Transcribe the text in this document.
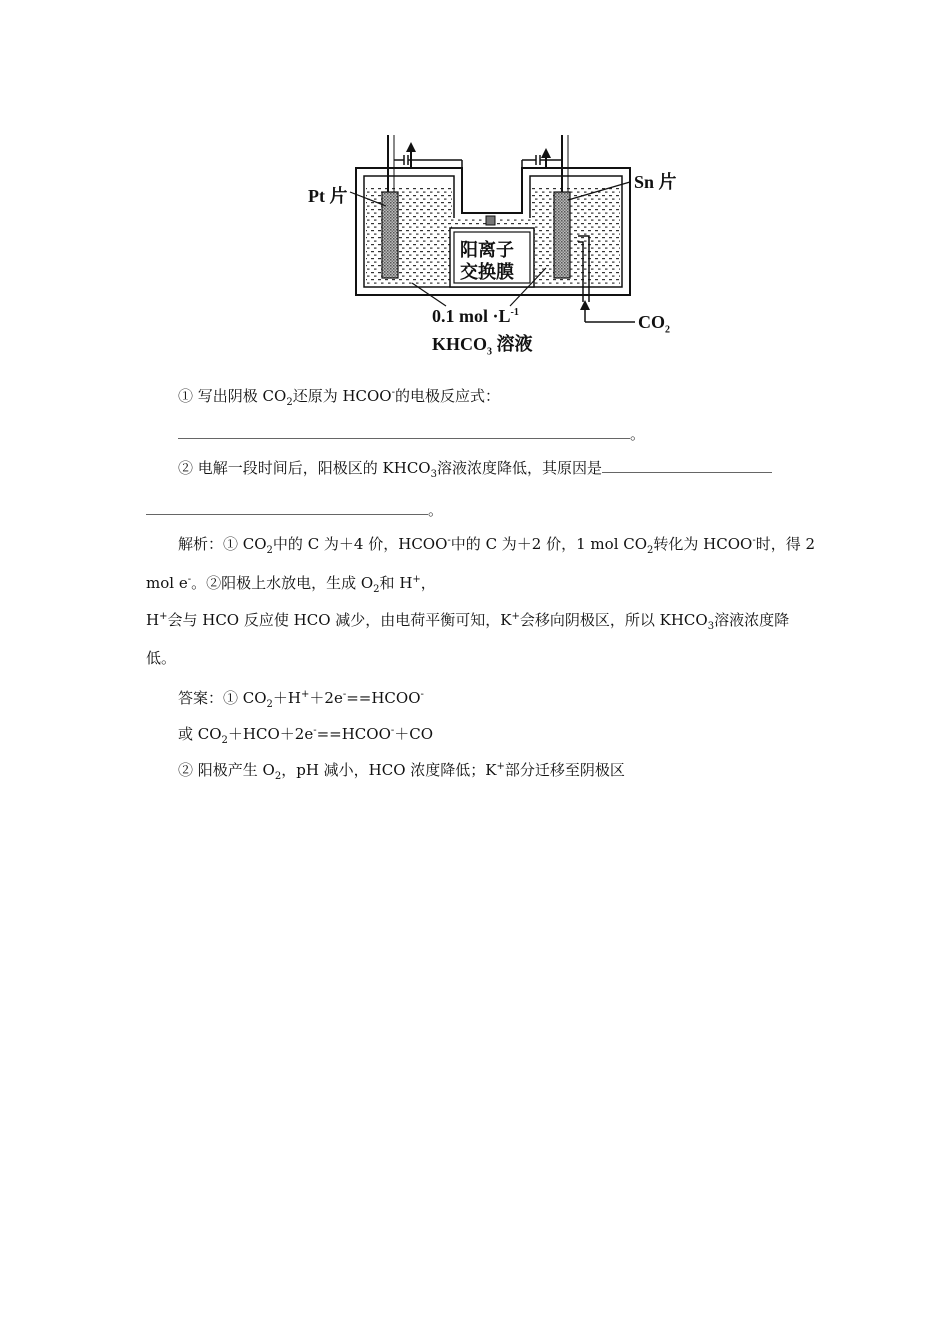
Pt 片
Sn 片
阳离子
交换膜
0.1 mol $\cdot L^{-1}$
$KHCO_3$ 溶液
$CO_2$
① 写出阴极 $CO_2$还原为 HCOO-的电极反应式：
。
② 电解一段时间后，阳极区的 $KHCO_3$溶液浓度降低，其原因是
。
解析：① $CO_2$中的 C 为＋4 价，HCOO-中的 C 为＋2 价，1 mol $CO_2$转化为 HCOO-时，得 2
mol e-。②阳极上水放电，生成 $O_2$和 H+，
H+会与 HCO 反应使 HCO 减少，由电荷平衡可知，K+会移向阴极区，所以 $KHCO_3$溶液浓度降
低。
答案：① $CO_2+H^++2e^-==HCOO^-$
或 $CO_2+HCO+2e^-==HCOO^-+CO$
② 阳极产生 $O_2$，pH 减小，HCO 浓度降低；K+部分迁移至阴极区
